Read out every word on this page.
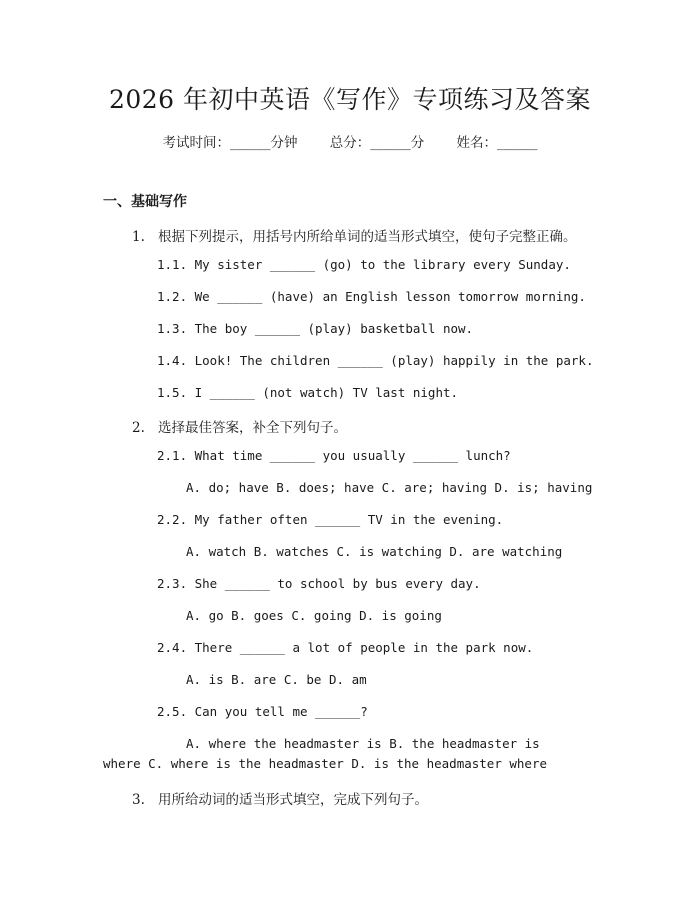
2026 年初中英语《写作》专项练习及答案
考试时间：______分钟 总分：______分 姓名：______
一、基础写作
1. 根据下列提示，用括号内所给单词的适当形式填空，使句子完整正确。
1.1. My sister ______ (go) to the library every Sunday.
1.2. We ______ (have) an English lesson tomorrow morning.
1.3. The boy ______ (play) basketball now.
1.4. Look! The children ______ (play) happily in the park.
1.5. I ______ (not watch) TV last night.
2. 选择最佳答案，补全下列句子。
2.1. What time ______ you usually ______ lunch?
A. do; have B. does; have C. are; having D. is; having
2.2. My father often ______ TV in the evening.
A. watch B. watches C. is watching D. are watching
2.3. She ______ to school by bus every day.
A. go B. goes C. going D. is going
2.4. There ______ a lot of people in the park now.
A. is B. are C. be D. am
2.5. Can you tell me ______?
A. where the headmaster is B. the headmaster is where C. where is the headmaster D. is the headmaster where
3. 用所给动词的适当形式填空，完成下列句子。
